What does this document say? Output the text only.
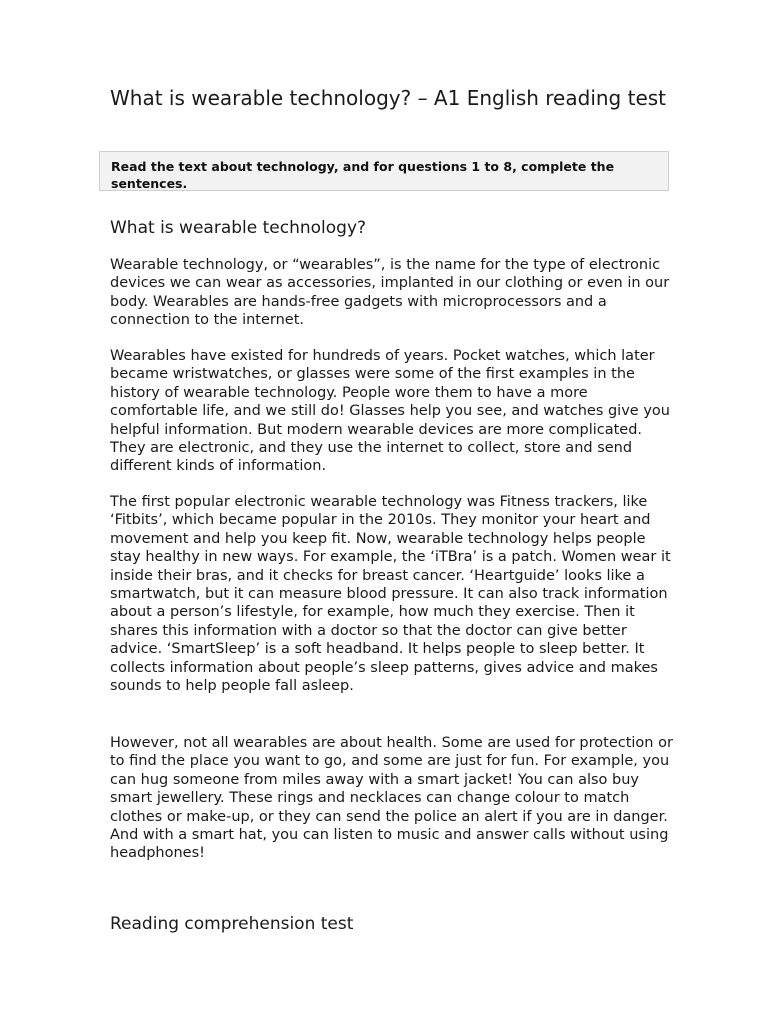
What is wearable technology? – A1 English reading test
Read the text about technology, and for questions 1 to 8, complete the sentences.
What is wearable technology?

Wearable technology, or “wearables”, is the name for the type of electronic devices we can wear as accessories, implanted in our clothing or even in our body. Wearables are hands-free gadgets with microprocessors and a connection to the internet.

Wearables have existed for hundreds of years. Pocket watches, which later became wristwatches, or glasses were some of the first examples in the history of wearable technology. People wore them to have a more comfortable life, and we still do! Glasses help you see, and watches give you helpful information. But modern wearable devices are more complicated. They are electronic, and they use the internet to collect, store and send different kinds of information.

The first popular electronic wearable technology was Fitness trackers, like ‘Fitbits’, which became popular in the 2010s. They monitor your heart and movement and help you keep fit. Now, wearable technology helps people stay healthy in new ways. For example, the ‘iTBra’ is a patch. Women wear it inside their bras, and it checks for breast cancer. ‘Heartguide’ looks like a smartwatch, but it can measure blood pressure. It can also track information about a person’s lifestyle, for example, how much they exercise. Then it shares this information with a doctor so that the doctor can give better advice. ‘SmartSleep’ is a soft headband. It helps people to sleep better. It collects information about people’s sleep patterns, gives advice and makes sounds to help people fall asleep.

However, not all wearables are about health. Some are used for protection or to find the place you want to go, and some are just for fun. For example, you can hug someone from miles away with a smart jacket! You can also buy smart jewellery. These rings and necklaces can change colour to match clothes or make-up, or they can send the police an alert if you are in danger. And with a smart hat, you can listen to music and answer calls without using headphones!

Reading comprehension test
